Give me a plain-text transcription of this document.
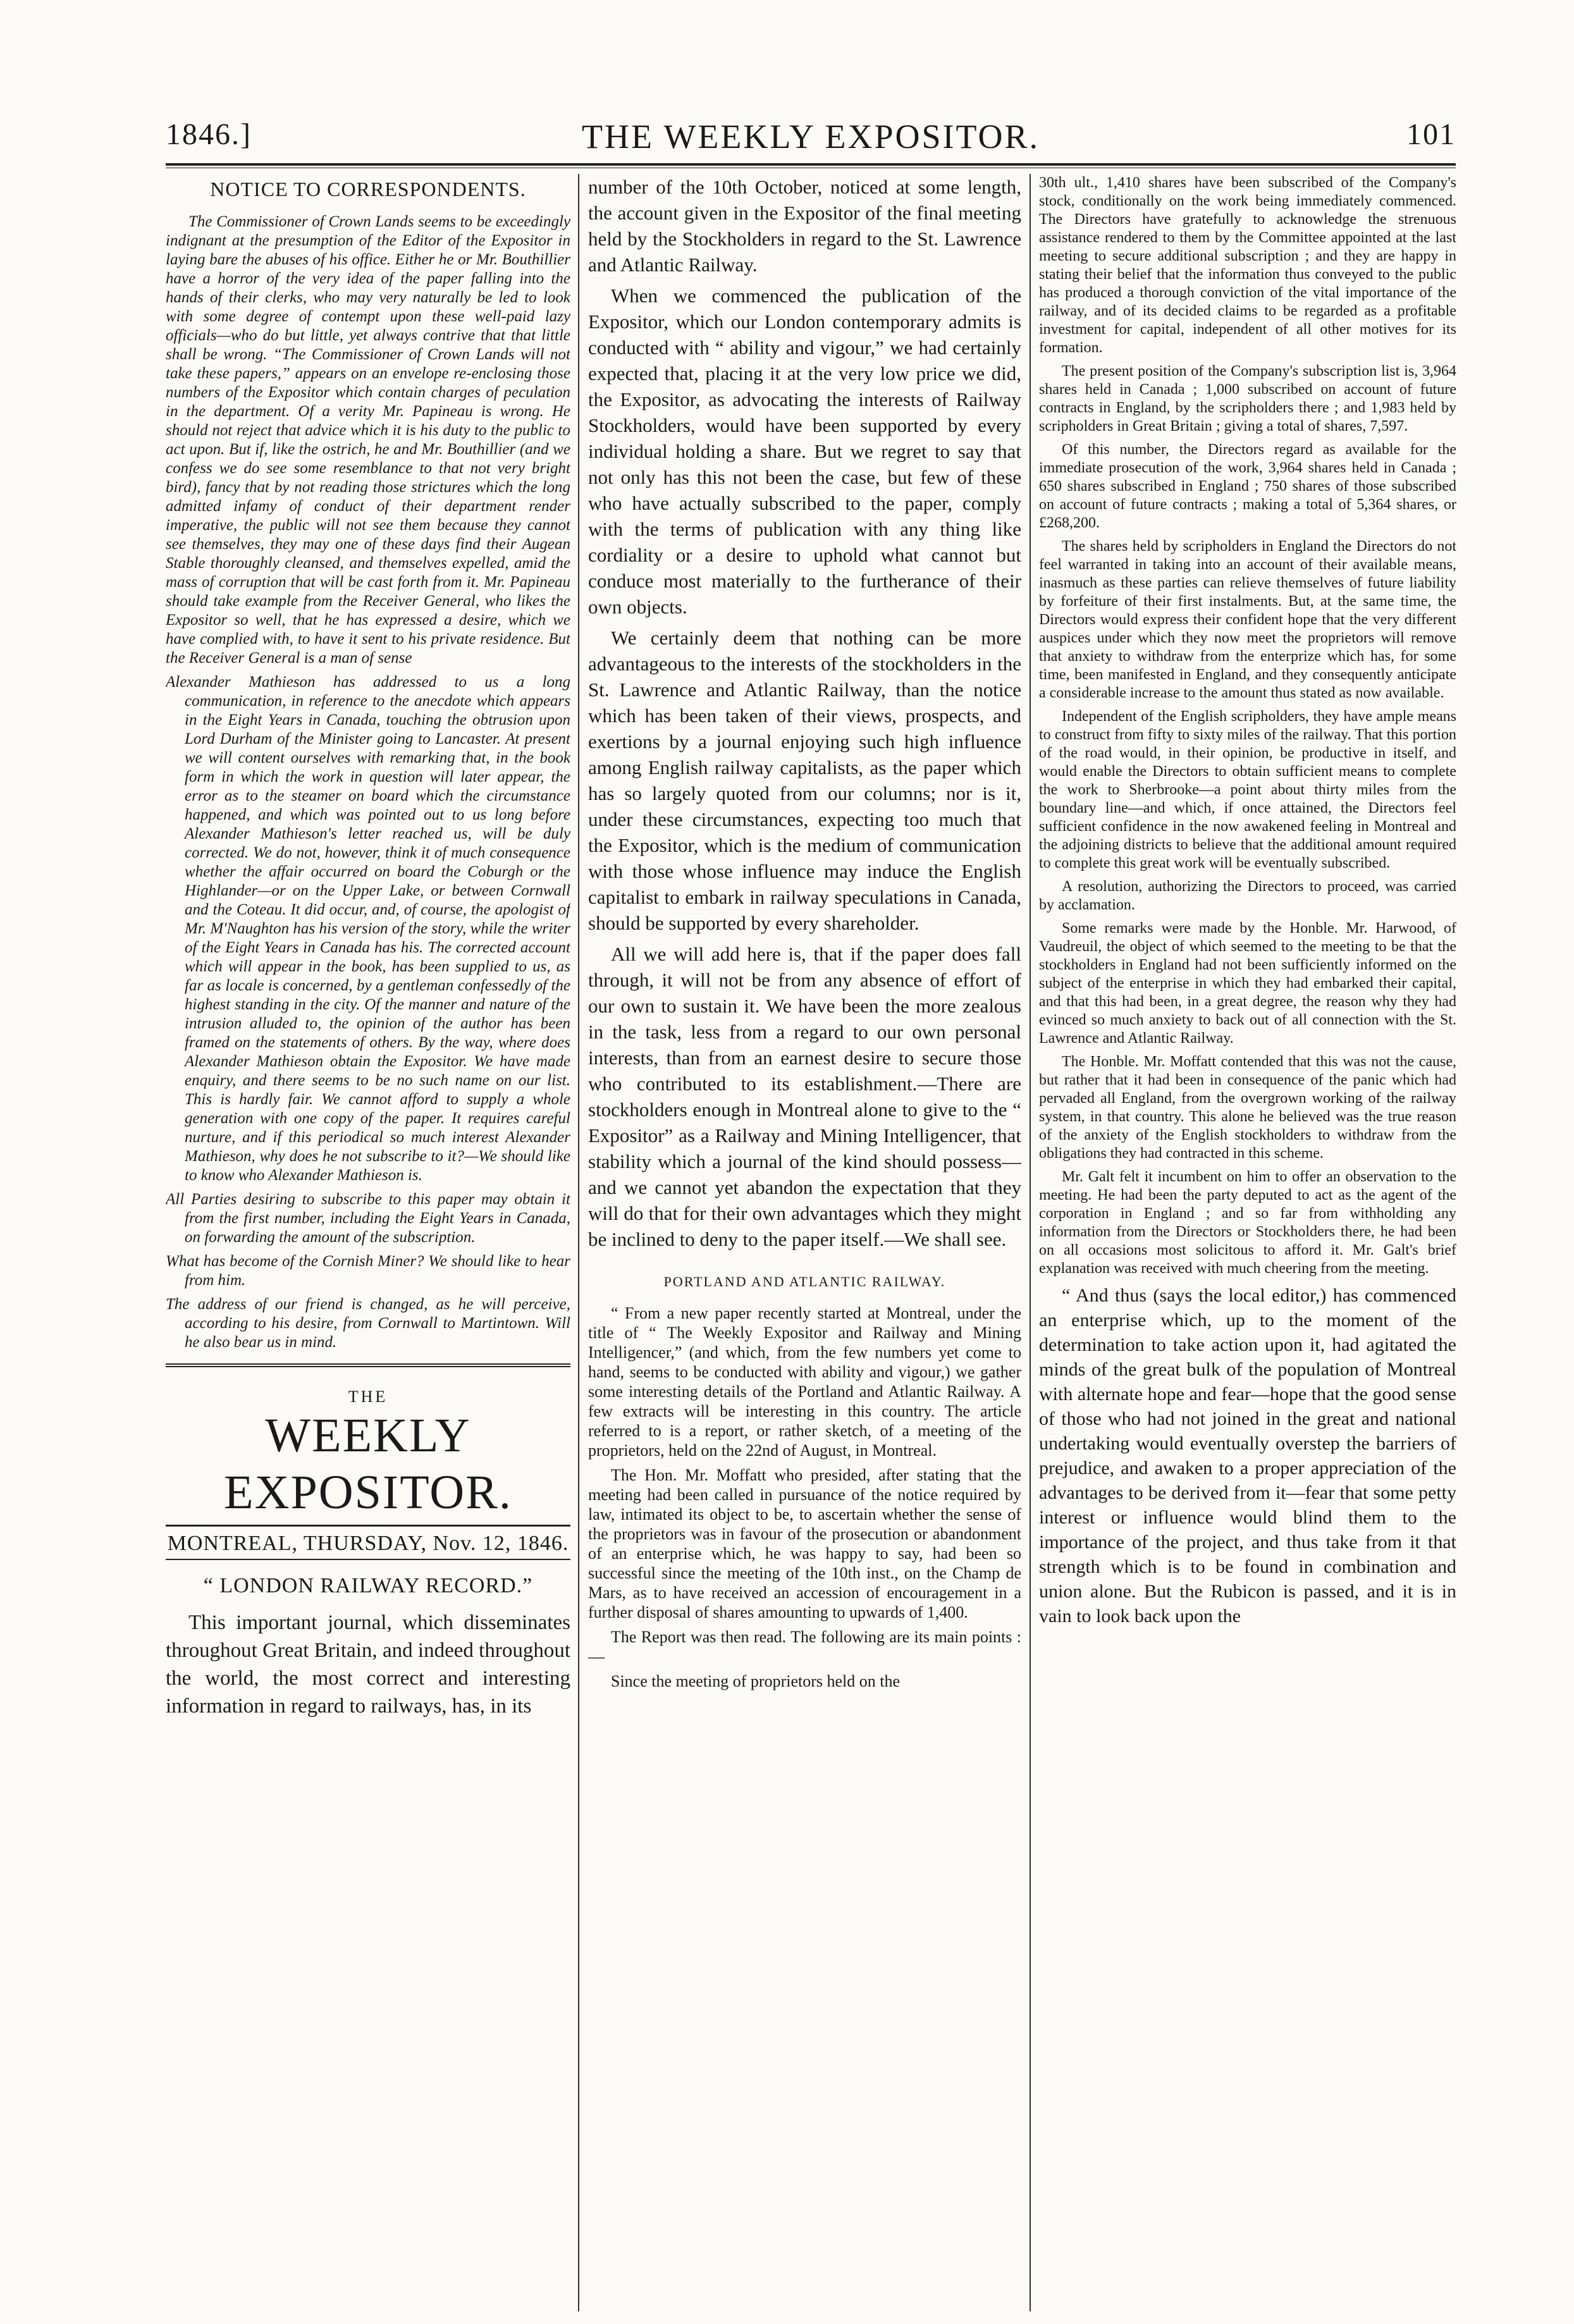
1846.]	THE WEEKLY EXPOSITOR.	101
NOTICE TO CORRESPONDENTS.

The Commissioner of Crown Lands seems to be exceedingly indignant at the presumption of the Editor of the Expositor in laying bare the abuses of his office. Either he or Mr. Bouthillier have a horror of the very idea of the paper falling into the hands of their clerks, who may very naturally be led to look with some degree of contempt upon these well-paid lazy officials—who do but little, yet always contrive that that little shall be wrong. “The Commissioner of Crown Lands will not take these papers,” appears on an envelope re-enclosing those numbers of the Expositor which contain charges of peculation in the department. Of a verity Mr. Papineau is wrong. He should not reject that advice which it is his duty to the public to act upon. But if, like the ostrich, he and Mr. Bouthillier (and we confess we do see some resemblance to that not very bright bird), fancy that by not reading those strictures which the long admitted infamy of conduct of their department render imperative, the public will not see them because they cannot see themselves, they may one of these days find their Augean Stable thoroughly cleansed, and themselves expelled, amid the mass of corruption that will be cast forth from it. Mr. Papineau should take example from the Receiver General, who likes the Expositor so well, that he has expressed a desire, which we have complied with, to have it sent to his private residence. But the Receiver General is a man of sense

Alexander Mathieson has addressed to us a long communication, in reference to the anecdote which appears in the Eight Years in Canada, touching the obtrusion upon Lord Durham of the Minister going to Lancaster. At present we will content ourselves with remarking that, in the book form in which the work in question will later appear, the error as to the steamer on board which the circumstance happened, and which was pointed out to us long before Alexander Mathieson's letter reached us, will be duly corrected. We do not, however, think it of much consequence whether the affair occurred on board the Coburgh or the Highlander—or on the Upper Lake, or between Cornwall and the Coteau. It did occur, and, of course, the apologist of Mr. M'Naughton has his version of the story, while the writer of the Eight Years in Canada has his. The corrected account which will appear in the book, has been supplied to us, as far as locale is concerned, by a gentleman confessedly of the highest standing in the city. Of the manner and nature of the intrusion alluded to, the opinion of the author has been framed on the statements of others. By the way, where does Alexander Mathieson obtain the Expositor. We have made enquiry, and there seems to be no such name on our list. This is hardly fair. We cannot afford to supply a whole generation with one copy of the paper. It requires careful nurture, and if this periodical so much interest Alexander Mathieson, why does he not subscribe to it?—We should like to know who Alexander Mathieson is.

All Parties desiring to subscribe to this paper may obtain it from the first number, including the Eight Years in Canada, on forwarding the amount of the subscription.

What has become of the Cornish Miner? We should like to hear from him.

The address of our friend is changed, as he will perceive, according to his desire, from Cornwall to Martintown. Will he also bear us in mind.

THE
WEEKLY EXPOSITOR.
MONTREAL, THURSDAY, Nov. 12, 1846.
“ LONDON RAILWAY RECORD.”

This important journal, which disseminates throughout Great Britain, and indeed throughout the world, the most correct and interesting information in regard to railways, has, in its

number of the 10th October, noticed at some length, the account given in the Expositor of the final meeting held by the Stockholders in regard to the St. Lawrence and Atlantic Railway.

When we commenced the publication of the Expositor, which our London contemporary admits is conducted with “ ability and vigour,” we had certainly expected that, placing it at the very low price we did, the Expositor, as advocating the interests of Railway Stockholders, would have been supported by every individual holding a share. But we regret to say that not only has this not been the case, but few of these who have actually subscribed to the paper, comply with the terms of publication with any thing like cordiality or a desire to uphold what cannot but conduce most materially to the furtherance of their own objects.

We certainly deem that nothing can be more advantageous to the interests of the stockholders in the St. Lawrence and Atlantic Railway, than the notice which has been taken of their views, prospects, and exertions by a journal enjoying such high influence among English railway capitalists, as the paper which has so largely quoted from our columns; nor is it, under these circumstances, expecting too much that the Expositor, which is the medium of communication with those whose influence may induce the English capitalist to embark in railway speculations in Canada, should be supported by every shareholder.

All we will add here is, that if the paper does fall through, it will not be from any absence of effort of our own to sustain it. We have been the more zealous in the task, less from a regard to our own personal interests, than from an earnest desire to secure those who contributed to its establishment.—There are stockholders enough in Montreal alone to give to the “ Expositor” as a Railway and Mining Intelligencer, that stability which a journal of the kind should possess—and we cannot yet abandon the expectation that they will do that for their own advantages which they might be inclined to deny to the paper itself.—We shall see.

PORTLAND AND ATLANTIC RAILWAY.

“ From a new paper recently started at Montreal, under the title of “ The Weekly Expositor and Railway and Mining Intelligencer,” (and which, from the few numbers yet come to hand, seems to be conducted with ability and vigour,) we gather some interesting details of the Portland and Atlantic Railway. A few extracts will be interesting in this country. The article referred to is a report, or rather sketch, of a meeting of the proprietors, held on the 22nd of August, in Montreal.

The Hon. Mr. Moffatt who presided, after stating that the meeting had been called in pursuance of the notice required by law, intimated its object to be, to ascertain whether the sense of the proprietors was in favour of the prosecution or abandonment of an enterprise which, he was happy to say, had been so successful since the meeting of the 10th inst., on the Champ de Mars, as to have received an accession of encouragement in a further disposal of shares amounting to upwards of 1,400.

The Report was then read. The following are its main points :—

Since the meeting of proprietors held on the

30th ult., 1,410 shares have been subscribed of the Company's stock, conditionally on the work being immediately commenced. The Directors have gratefully to acknowledge the strenuous assistance rendered to them by the Committee appointed at the last meeting to secure additional subscription ; and they are happy in stating their belief that the information thus conveyed to the public has produced a thorough conviction of the vital importance of the railway, and of its decided claims to be regarded as a profitable investment for capital, independent of all other motives for its formation.

The present position of the Company's subscription list is, 3,964 shares held in Canada ; 1,000 subscribed on account of future contracts in England, by the scripholders there ; and 1,983 held by scripholders in Great Britain ; giving a total of shares, 7,597.

Of this number, the Directors regard as available for the immediate prosecution of the work, 3,964 shares held in Canada ; 650 shares subscribed in England ; 750 shares of those subscribed on account of future contracts ; making a total of 5,364 shares, or £268,200.

The shares held by scripholders in England the Directors do not feel warranted in taking into an account of their available means, inasmuch as these parties can relieve themselves of future liability by forfeiture of their first instalments. But, at the same time, the Directors would express their confident hope that the very different auspices under which they now meet the proprietors will remove that anxiety to withdraw from the enterprize which has, for some time, been manifested in England, and they consequently anticipate a considerable increase to the amount thus stated as now available.

Independent of the English scripholders, they have ample means to construct from fifty to sixty miles of the railway. That this portion of the road would, in their opinion, be productive in itself, and would enable the Directors to obtain sufficient means to complete the work to Sherbrooke—a point about thirty miles from the boundary line—and which, if once attained, the Directors feel sufficient confidence in the now awakened feeling in Montreal and the adjoining districts to believe that the additional amount required to complete this great work will be eventually subscribed.

A resolution, authorizing the Directors to proceed, was carried by acclamation.

Some remarks were made by the Honble. Mr. Harwood, of Vaudreuil, the object of which seemed to the meeting to be that the stockholders in England had not been sufficiently informed on the subject of the enterprise in which they had embarked their capital, and that this had been, in a great degree, the reason why they had evinced so much anxiety to back out of all connection with the St. Lawrence and Atlantic Railway.

The Honble. Mr. Moffatt contended that this was not the cause, but rather that it had been in consequence of the panic which had pervaded all England, from the overgrown working of the railway system, in that country. This alone he believed was the true reason of the anxiety of the English stockholders to withdraw from the obligations they had contracted in this scheme.

Mr. Galt felt it incumbent on him to offer an observation to the meeting. He had been the party deputed to act as the agent of the corporation in England ; and so far from withholding any information from the Directors or Stockholders there, he had been on all occasions most solicitous to afford it. Mr. Galt's brief explanation was received with much cheering from the meeting.

“ And thus (says the local editor,) has commenced an enterprise which, up to the moment of the determination to take action upon it, had agitated the minds of the great bulk of the population of Montreal with alternate hope and fear—hope that the good sense of those who had not joined in the great and national undertaking would eventually overstep the barriers of prejudice, and awaken to a proper appreciation of the advantages to be derived from it—fear that some petty interest or influence would blind them to the importance of the project, and thus take from it that strength which is to be found in combination and union alone. But the Rubicon is passed, and it is in vain to look back upon the
